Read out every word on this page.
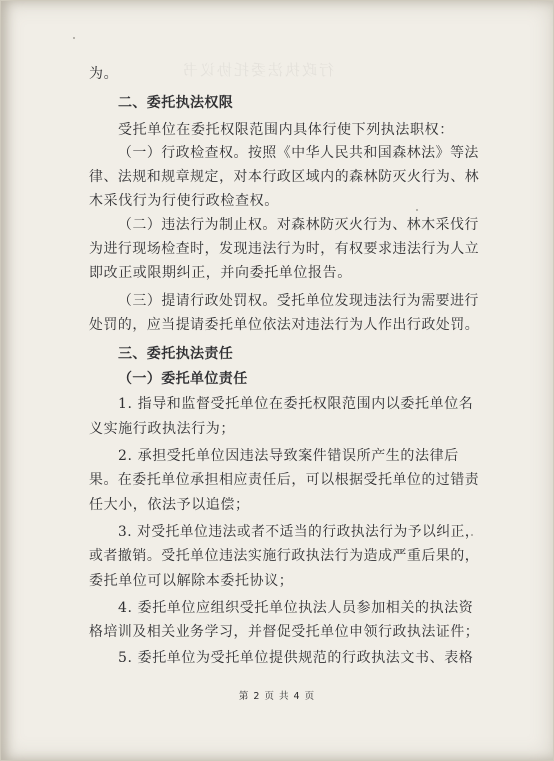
行政执法委托协议书
为。
二、委托执法权限
受托单位在委托权限范围内具体行使下列执法职权：
（一）行政检查权。按照《中华人民共和国森林法》等法
律、法规和规章规定，对本行政区域内的森林防灭火行为、林
木采伐行为行使行政检查权。
（二）违法行为制止权。对森林防灭火行为、林木采伐行
为进行现场检查时，发现违法行为时，有权要求违法行为人立
即改正或限期纠正，并向委托单位报告。
（三）提请行政处罚权。受托单位发现违法行为需要进行
处罚的，应当提请委托单位依法对违法行为人作出行政处罚。
三、委托执法责任
（一）委托单位责任
1. 指导和监督受托单位在委托权限范围内以委托单位名
义实施行政执法行为；
2. 承担受托单位因违法导致案件错误所产生的法律后
果。在委托单位承担相应责任后，可以根据受托单位的过错责
任大小，依法予以追偿；
3. 对受托单位违法或者不适当的行政执法行为予以纠正，
或者撤销。受托单位违法实施行政执法行为造成严重后果的，
委托单位可以解除本委托协议；
4. 委托单位应组织受托单位执法人员参加相关的执法资
格培训及相关业务学习，并督促受托单位申领行政执法证件；
5. 委托单位为受托单位提供规范的行政执法文书、表格
第 2 页 共 4 页
